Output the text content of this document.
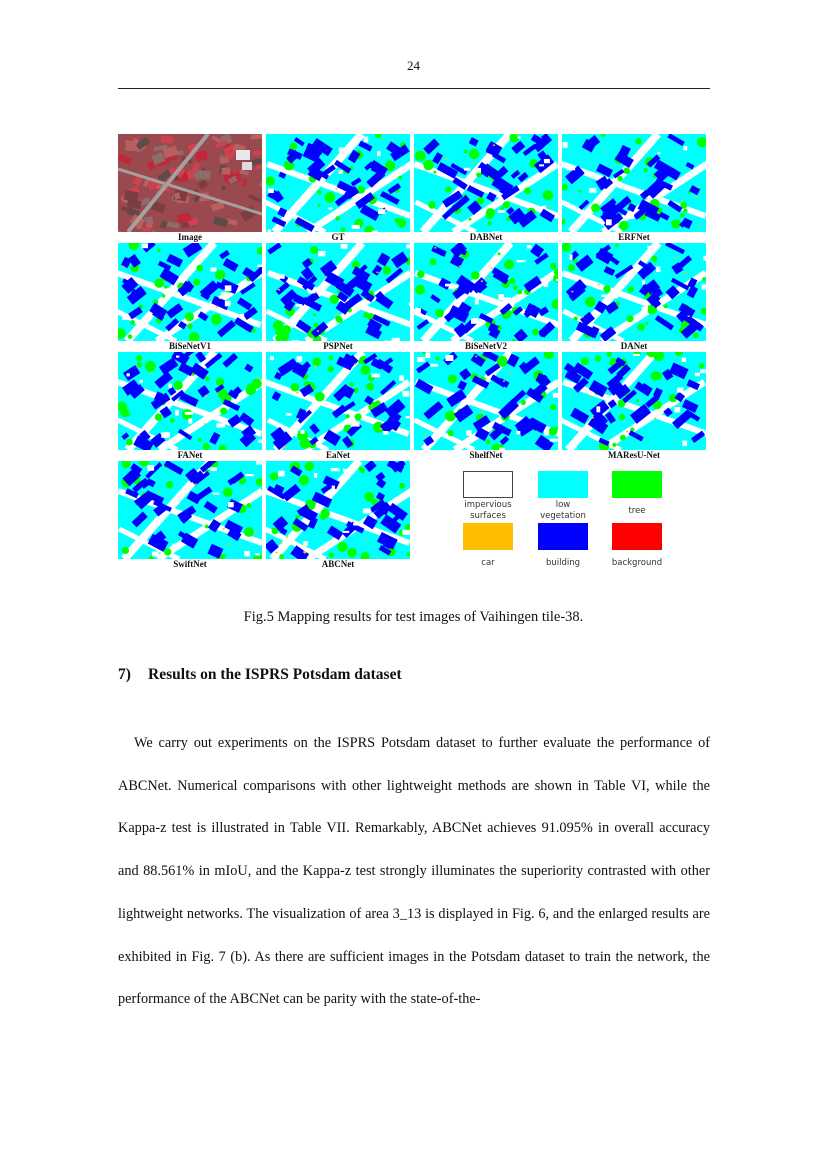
24
impervious
surfaces
low
vegetation	tree
car	building	background
Image	GT	DABNet	ERFNet
BiSeNetV1	PSPNet	BiSeNetV2	DANet
FANet	EaNet	ShelfNet	MAResU-Net
SwiftNet	ABCNet
Fig.5 Mapping results for test images of Vaihingen tile-38.
7) Results on the ISPRS Potsdam dataset

We carry out experiments on the ISPRS Potsdam dataset to further evaluate the performance of ABCNet. Numerical comparisons with other lightweight methods are shown in Table VI, while the Kappa-z test is illustrated in Table VII. Remarkably, ABCNet achieves 91.095% in overall accuracy and 88.561% in mIoU, and the Kappa-z test strongly illuminates the superiority contrasted with other lightweight networks. The visualization of area 3_13 is displayed in Fig. 6, and the enlarged results are exhibited in Fig. 7 (b). As there are sufficient images in the Potsdam dataset to train the network, the performance of the ABCNet can be parity with the state-of-the-
